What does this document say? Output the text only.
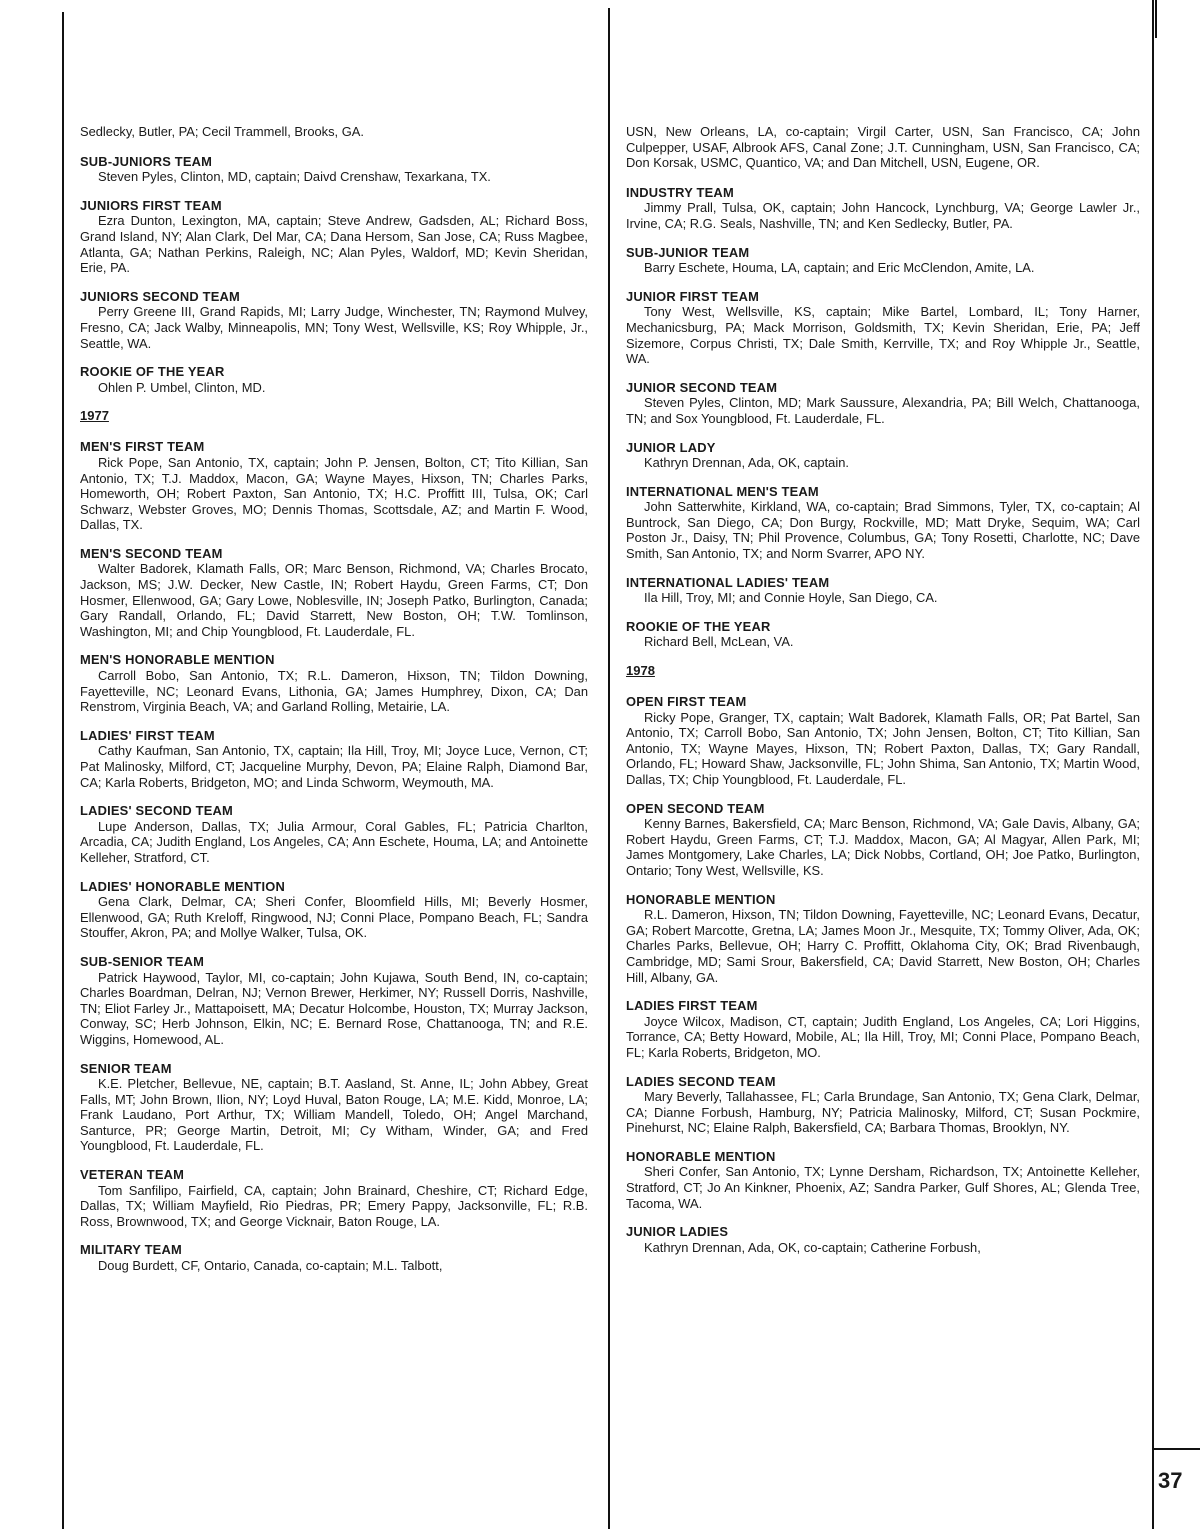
Sedlecky, Butler, PA; Cecil Trammell, Brooks, GA.

SUB-JUNIORS TEAM

Steven Pyles, Clinton, MD, captain; Daivd Crenshaw, Texarkana, TX.

JUNIORS FIRST TEAM

Ezra Dunton, Lexington, MA, captain; Steve Andrew, Gadsden, AL; Richard Boss, Grand Island, NY; Alan Clark, Del Mar, CA; Dana Hersom, San Jose, CA; Russ Magbee, Atlanta, GA; Nathan Perkins, Raleigh, NC; Alan Pyles, Waldorf, MD; Kevin Sheridan, Erie, PA.

JUNIORS SECOND TEAM

Perry Greene III, Grand Rapids, MI; Larry Judge, Winchester, TN; Raymond Mulvey, Fresno, CA; Jack Walby, Minneapolis, MN; Tony West, Wellsville, KS; Roy Whipple, Jr., Seattle, WA.

ROOKIE OF THE YEAR

Ohlen P. Umbel, Clinton, MD.

1977

MEN'S FIRST TEAM

Rick Pope, San Antonio, TX, captain; John P. Jensen, Bolton, CT; Tito Killian, San Antonio, TX; T.J. Maddox, Macon, GA; Wayne Mayes, Hixson, TN; Charles Parks, Homeworth, OH; Robert Paxton, San Antonio, TX; H.C. Proffitt III, Tulsa, OK; Carl Schwarz, Webster Groves, MO; Dennis Thomas, Scottsdale, AZ; and Martin F. Wood, Dallas, TX.

MEN'S SECOND TEAM

Walter Badorek, Klamath Falls, OR; Marc Benson, Richmond, VA; Charles Brocato, Jackson, MS; J.W. Decker, New Castle, IN; Robert Haydu, Green Farms, CT; Don Hosmer, Ellenwood, GA; Gary Lowe, Noblesville, IN; Joseph Patko, Burlington, Canada; Gary Randall, Orlando, FL; David Starrett, New Boston, OH; T.W. Tomlinson, Washington, MI; and Chip Youngblood, Ft. Lauderdale, FL.

MEN'S HONORABLE MENTION

Carroll Bobo, San Antonio, TX; R.L. Dameron, Hixson, TN; Tildon Downing, Fayetteville, NC; Leonard Evans, Lithonia, GA; James Humphrey, Dixon, CA; Dan Renstrom, Virginia Beach, VA; and Garland Rolling, Metairie, LA.

LADIES' FIRST TEAM

Cathy Kaufman, San Antonio, TX, captain; Ila Hill, Troy, MI; Joyce Luce, Vernon, CT; Pat Malinosky, Milford, CT; Jacqueline Murphy, Devon, PA; Elaine Ralph, Diamond Bar, CA; Karla Roberts, Bridgeton, MO; and Linda Schworm, Weymouth, MA.

LADIES' SECOND TEAM

Lupe Anderson, Dallas, TX; Julia Armour, Coral Gables, FL; Patricia Charlton, Arcadia, CA; Judith England, Los Angeles, CA; Ann Eschete, Houma, LA; and Antoinette Kelleher, Stratford, CT.

LADIES' HONORABLE MENTION

Gena Clark, Delmar, CA; Sheri Confer, Bloomfield Hills, MI; Beverly Hosmer, Ellenwood, GA; Ruth Kreloff, Ringwood, NJ; Conni Place, Pompano Beach, FL; Sandra Stouffer, Akron, PA; and Mollye Walker, Tulsa, OK.

SUB-SENIOR TEAM

Patrick Haywood, Taylor, MI, co-captain; John Kujawa, South Bend, IN, co-captain; Charles Boardman, Delran, NJ; Vernon Brewer, Herkimer, NY; Russell Dorris, Nashville, TN; Eliot Farley Jr., Mattapoisett, MA; Decatur Holcombe, Houston, TX; Murray Jackson, Conway, SC; Herb Johnson, Elkin, NC; E. Bernard Rose, Chattanooga, TN; and R.E. Wiggins, Homewood, AL.

SENIOR TEAM

K.E. Pletcher, Bellevue, NE, captain; B.T. Aasland, St. Anne, IL; John Abbey, Great Falls, MT; John Brown, Ilion, NY; Loyd Huval, Baton Rouge, LA; M.E. Kidd, Monroe, LA; Frank Laudano, Port Arthur, TX; William Mandell, Toledo, OH; Angel Marchand, Santurce, PR; George Martin, Detroit, MI; Cy Witham, Winder, GA; and Fred Youngblood, Ft. Lauderdale, FL.

VETERAN TEAM

Tom Sanfilipo, Fairfield, CA, captain; John Brainard, Cheshire, CT; Richard Edge, Dallas, TX; William Mayfield, Rio Piedras, PR; Emery Pappy, Jacksonville, FL; R.B. Ross, Brownwood, TX; and George Vicknair, Baton Rouge, LA.

MILITARY TEAM

Doug Burdett, CF, Ontario, Canada, co-captain; M.L. Talbott,

USN, New Orleans, LA, co-captain; Virgil Carter, USN, San Francisco, CA; John Culpepper, USAF, Albrook AFS, Canal Zone; J.T. Cunningham, USN, San Francisco, CA; Don Korsak, USMC, Quantico, VA; and Dan Mitchell, USN, Eugene, OR.

INDUSTRY TEAM

Jimmy Prall, Tulsa, OK, captain; John Hancock, Lynchburg, VA; George Lawler Jr., Irvine, CA; R.G. Seals, Nashville, TN; and Ken Sedlecky, Butler, PA.

SUB-JUNIOR TEAM

Barry Eschete, Houma, LA, captain; and Eric McClendon, Amite, LA.

JUNIOR FIRST TEAM

Tony West, Wellsville, KS, captain; Mike Bartel, Lombard, IL; Tony Harner, Mechanicsburg, PA; Mack Morrison, Goldsmith, TX; Kevin Sheridan, Erie, PA; Jeff Sizemore, Corpus Christi, TX; Dale Smith, Kerrville, TX; and Roy Whipple Jr., Seattle, WA.

JUNIOR SECOND TEAM

Steven Pyles, Clinton, MD; Mark Saussure, Alexandria, PA; Bill Welch, Chattanooga, TN; and Sox Youngblood, Ft. Lauderdale, FL.

JUNIOR LADY

Kathryn Drennan, Ada, OK, captain.

INTERNATIONAL MEN'S TEAM

John Satterwhite, Kirkland, WA, co-captain; Brad Simmons, Tyler, TX, co-captain; Al Buntrock, San Diego, CA; Don Burgy, Rockville, MD; Matt Dryke, Sequim, WA; Carl Poston Jr., Daisy, TN; Phil Provence, Columbus, GA; Tony Rosetti, Charlotte, NC; Dave Smith, San Antonio, TX; and Norm Svarrer, APO NY.

INTERNATIONAL LADIES' TEAM

Ila Hill, Troy, MI; and Connie Hoyle, San Diego, CA.

ROOKIE OF THE YEAR

Richard Bell, McLean, VA.

1978

OPEN FIRST TEAM

Ricky Pope, Granger, TX, captain; Walt Badorek, Klamath Falls, OR; Pat Bartel, San Antonio, TX; Carroll Bobo, San Antonio, TX; John Jensen, Bolton, CT; Tito Killian, San Antonio, TX; Wayne Mayes, Hixson, TN; Robert Paxton, Dallas, TX; Gary Randall, Orlando, FL; Howard Shaw, Jacksonville, FL; John Shima, San Antonio, TX; Martin Wood, Dallas, TX; Chip Youngblood, Ft. Lauderdale, FL.

OPEN SECOND TEAM

Kenny Barnes, Bakersfield, CA; Marc Benson, Richmond, VA; Gale Davis, Albany, GA; Robert Haydu, Green Farms, CT; T.J. Maddox, Macon, GA; Al Magyar, Allen Park, MI; James Montgomery, Lake Charles, LA; Dick Nobbs, Cortland, OH; Joe Patko, Burlington, Ontario; Tony West, Wellsville, KS.

HONORABLE MENTION

R.L. Dameron, Hixson, TN; Tildon Downing, Fayetteville, NC; Leonard Evans, Decatur, GA; Robert Marcotte, Gretna, LA; James Moon Jr., Mesquite, TX; Tommy Oliver, Ada, OK; Charles Parks, Bellevue, OH; Harry C. Proffitt, Oklahoma City, OK; Brad Rivenbaugh, Cambridge, MD; Sami Srour, Bakersfield, CA; David Starrett, New Boston, OH; Charles Hill, Albany, GA.

LADIES FIRST TEAM

Joyce Wilcox, Madison, CT, captain; Judith England, Los Angeles, CA; Lori Higgins, Torrance, CA; Betty Howard, Mobile, AL; Ila Hill, Troy, MI; Conni Place, Pompano Beach, FL; Karla Roberts, Bridgeton, MO.

LADIES SECOND TEAM

Mary Beverly, Tallahassee, FL; Carla Brundage, San Antonio, TX; Gena Clark, Delmar, CA; Dianne Forbush, Hamburg, NY; Patricia Malinosky, Milford, CT; Susan Pockmire, Pinehurst, NC; Elaine Ralph, Bakersfield, CA; Barbara Thomas, Brooklyn, NY.

HONORABLE MENTION

Sheri Confer, San Antonio, TX; Lynne Dersham, Richardson, TX; Antoinette Kelleher, Stratford, CT; Jo An Kinkner, Phoenix, AZ; Sandra Parker, Gulf Shores, AL; Glenda Tree, Tacoma, WA.

JUNIOR LADIES

Kathryn Drennan, Ada, OK, co-captain; Catherine Forbush,

37
